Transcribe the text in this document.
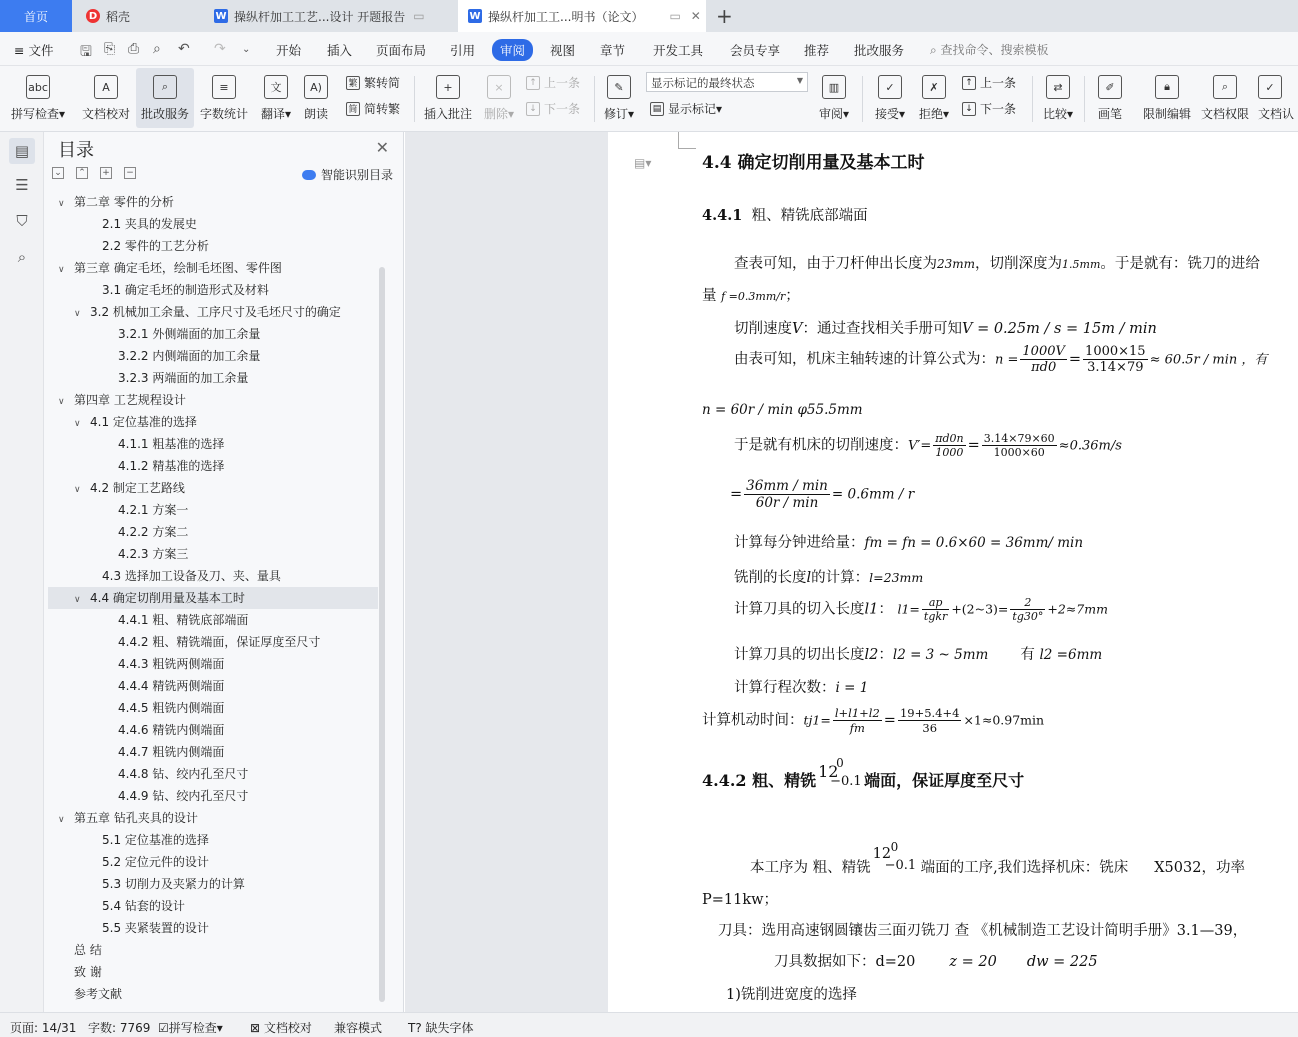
首页	D 稻壳	W 操纵杆加工工艺...设计 开题报告 ▭	W 操纵杆加工工...明书（论文） ▭ ✕ +
≡ 文件 🖫 ⎘ ⎙ ⌕ ↶ ↷ ⌄ 开始 插入 页面布局 引用	审阅	视图 章节 开发工具 会员专享 推荐 批改服务 ⌕ 查找命令、搜索模板
abc
拼写检查▾
A
文档校对
⌕
批改服务
≡
字数统计
文
翻译▾
A)
朗读
繁 繁转简
简 简转繁
+
插入批注
×
删除▾
↑ 上一条
↓ 下一条
✎
修订▾
显示标记的最终状态	▼
▤ 显示标记 ▾
▥
审阅▾
✓
接受▾
✗
拒绝▾
↑ 上一条
↓ 下一条
⇄
比较▾
✐
画笔
🔒︎
限制编辑
⌕
文档权限
✓
文档认
▤
☰
⛉
⌕
目录	✕
⌄ ⌃ + −	智能识别目录
∨ 第二章 零件的分析
2.1 夹具的发展史
2.2 零件的工艺分析
∨ 第三章 确定毛坯，绘制毛坯图、零件图
3.1 确定毛坯的制造形式及材料
∨ 3.2 机械加工余量、工序尺寸及毛坯尺寸的确定
3.2.1 外侧端面的加工余量
3.2.2 内侧端面的加工余量
3.2.3 两端面的加工余量
∨ 第四章 工艺规程设计
∨ 4.1 定位基准的选择
4.1.1 粗基准的选择
4.1.2 精基准的选择
∨ 4.2 制定工艺路线
4.2.1 方案一
4.2.2 方案二
4.2.3 方案三
4.3 选择加工设备及刀、夹、量具
∨ 4.4 确定切削用量及基本工时
4.4.1 粗、精铣底部端面
4.4.2 粗、精铣端面，保证厚度至尺寸
4.4.3 粗铣两侧端面
4.4.4 精铣两侧端面
4.4.5 粗铣内侧端面
4.4.6 精铣内侧端面
4.4.7 粗铣内侧端面
4.4.8 钻、绞内孔至尺寸
4.4.9 钻、绞内孔至尺寸
∨ 第五章 钻孔夹具的设计
5.1 定位基准的选择
5.2 定位元件的设计
5.3 切削力及夹紧力的计算
5.4 钻套的设计
5.5 夹紧装置的设计
总 结
致 谢
参考文献
▤▾	4.4 确定切削用量及基本工时
4.4.1 粗、精铣底部端面
查表可知，由于刀杆伸出长度为23mm，切削深度为1.5mm。于是就有：铣刀的进给
量 f =0.3mm/r；
切削速度V：通过查找相关手册可知V = 0.25m / s = 15m / min
由表可知，机床主轴转速的计算公式为：$n = \frac{1000V}{\pi d0} = \frac{1000\times 15}{3.14\times 79} \approx 60.5r / \min$ ，有
n = 60r / min φ55.5mm
于是就有机床的切削速度：$V'= \frac{\pi d0n}{1000} = \frac{3.14\times 79\times 60}{1000\times 60} \approx 0.36m/s$
= $\frac{36mm / \min}{60r / \min} = 0.6mm / r$
计算每分钟进给量：fm = fn = 0.6×60 = 36mm/ min
铣削的长度l的计算：l=23mm
计算刀具的切入长度l1： $l1= \frac{ap}{\text{tgkr}}$ +(2~3)= $\frac{2}{tg30^\circ} +2\approx 7mm$
计算刀具的切出长度l2：l2 = 3 ~ 5mm 有 l2 =6mm
计算行程次数：i = 1
计算机动时间：$tj1= \frac{l+l1+l2}{fm} = \frac{19+5.4+4}{36} \times 1\approx 0.97\min$
4.4.2 粗、精铣 12
0
−0.1 端面，保证厚度至尺寸
本工序为 粗、精铣
12 0
−0.1 端面的工序,我们选择机床：铣床 X5032，功率
P=11kw；
刀具：选用高速钢圆镶齿三面刃铣刀 查 《机械制造工艺设计简明手册》3.1—39，
刀具数据如下：d=20 z = 20 dw = 225
1)铣削进宽度的选择
页面: 14/31 字数: 7769 ☑拼写检查▾ ⊠ 文档校对 兼容模式 T? 缺失字体
